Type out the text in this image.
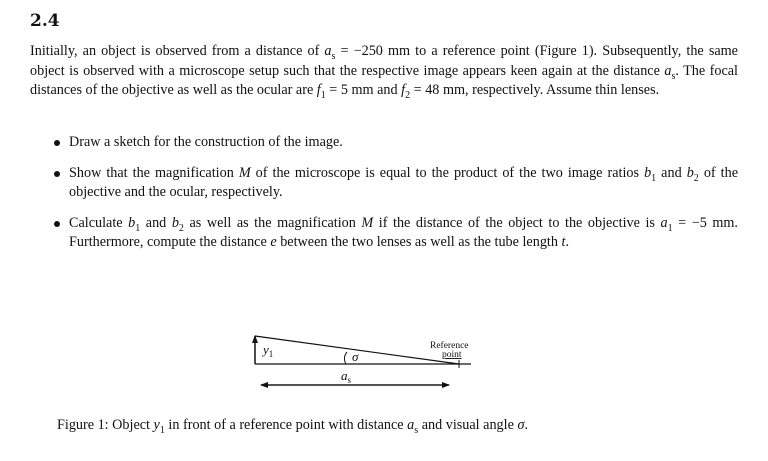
2.4

Initially, an object is observed from a distance of $a_s = -250$ mm to a reference point (Figure 1). Subsequently, the same object is observed with a microscope setup such that the respective image appears keen again at the distance $a_s$. The focal distances of the objective as well as the ocular are $f_1 = 5$ mm and $f_2 = 48$ mm, respectively. Assume thin lenses.

Draw a sketch for the construction of the image.
Show that the magnification M of the microscope is equal to the product of the two image ratios $b_1$ and $b_2$ of the objective and the ocular, respectively.
Calculate $b_1$ and $b_2$ as well as the magnification M if the distance of the object to the objective is $a_1 = -5$ mm. Furthermore, compute the distance e between the two lenses as well as the tube length t.
$y_1$	σ
$a_s$
Reference
point
Figure 1: Object $y_1$ in front of a reference point with distance $a_s$ and visual angle σ.
